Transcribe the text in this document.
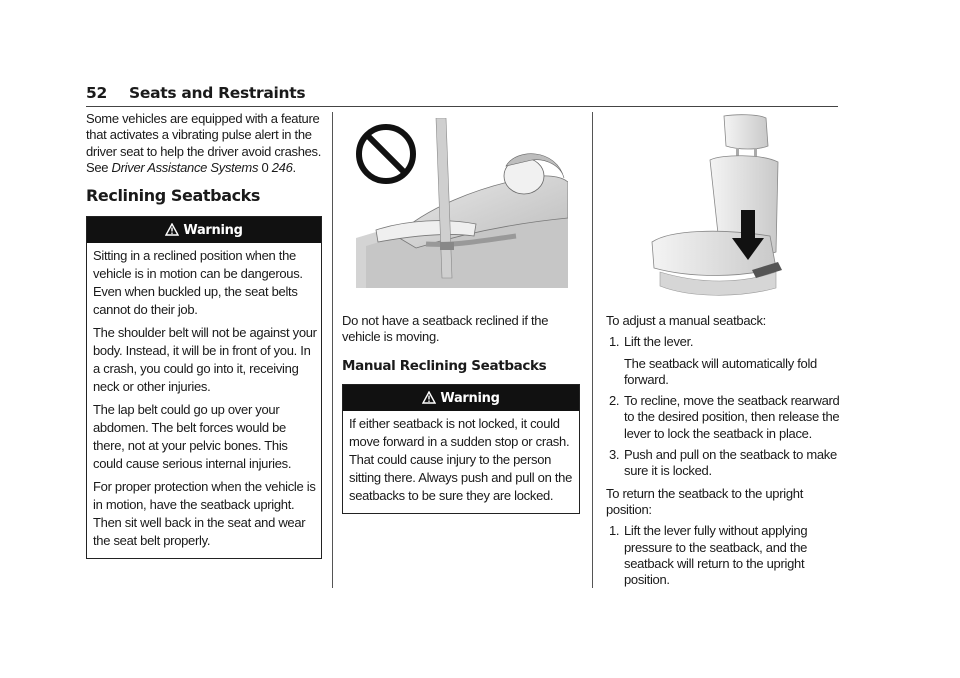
52 Seats and Restraints

Some vehicles are equipped with a feature that activates a vibrating pulse alert in the driver seat to help the driver avoid crashes. See Driver Assistance Systems 0 246.

Reclining Seatbacks
Warning

Sitting in a reclined position when the vehicle is in motion can be dangerous. Even when buckled up, the seat belts cannot do their job.

The shoulder belt will not be against your body. Instead, it will be in front of you. In a crash, you could go into it, receiving neck or other injuries.

The lap belt could go up over your abdomen. The belt forces would be there, not at your pelvic bones. This could cause serious internal injuries.

For proper protection when the vehicle is in motion, have the seatback upright. Then sit well back in the seat and wear the seat belt properly.

Do not have a seatback reclined if the vehicle is moving.

Manual Reclining Seatbacks
Warning

If either seatback is not locked, it could move forward in a sudden stop or crash. That could cause injury to the person sitting there. Always push and pull on the seatbacks to be sure they are locked.

To adjust a manual seatback:

1. Lift the lever.

The seatback will automatically fold forward.

2. To recline, move the seatback rearward to the desired position, then release the lever to lock the seatback in place.
3. Push and pull on the seatback to make sure it is locked.

To return the seatback to the upright position:

1. Lift the lever fully without applying pressure to the seatback, and the seatback will return to the upright position.
